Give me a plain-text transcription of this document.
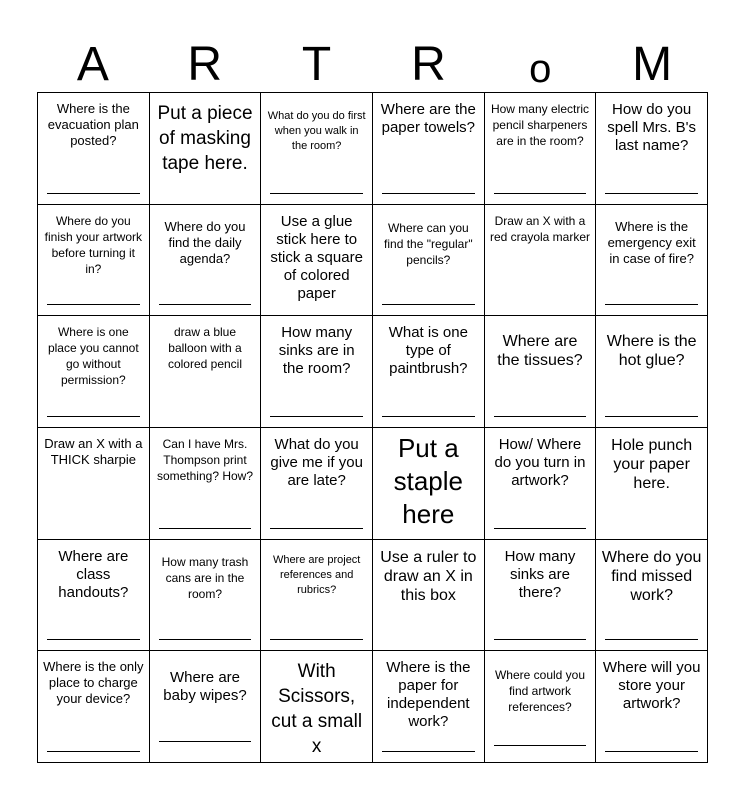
A	R	T	R	o	M
Where is the evacuation plan posted?
Put a piece of masking tape here.
What do you do first when you walk in the room?
Where are the paper towels?
How many electric pencil sharpeners are in the room?
How do you spell Mrs. B's last name?
Where do you finish your artwork before turning it in?
Where do you find the daily agenda?
Use a glue stick here to stick a square of colored paper
Where can you find the "regular" pencils?
Draw an X with a red crayola marker
Where is the emergency exit in case of fire?
Where is one place you cannot go without permission?
draw a blue balloon with a colored pencil
How many sinks are in the room?
What is one type of paintbrush?
Where are the tissues?
Where is the hot glue?
Draw an X with a THICK sharpie
Can I have Mrs. Thompson print something? How?
What do you give me if you are late?
Put a staple here
How/ Where do you turn in artwork?
Hole punch your paper here.
Where are class handouts?
How many trash cans are in the room?
Where are project references and rubrics?
Use a ruler to draw an X in this box
How many sinks are there?
Where do you find missed work?
Where is the only place to charge your device?
Where are baby wipes?
With Scissors, cut a small x
Where is the paper for independent work?
Where could you find artwork references?
Where will you store your artwork?
